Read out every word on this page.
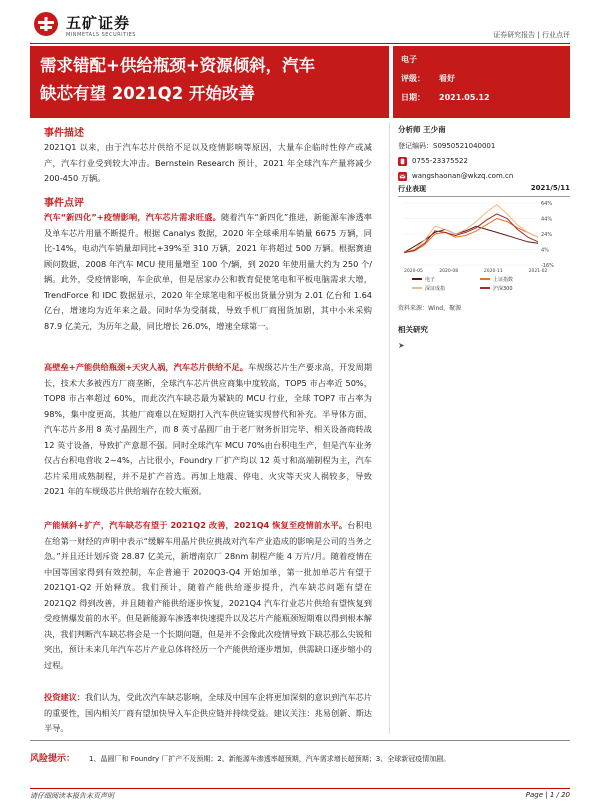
五矿证券
MINMETALS SECURITIES	证券研究报告 | 行业点评
需求错配+供给瓶颈+资源倾斜，汽车
缺芯有望 2021Q2 开始改善
电子
评级： 看好
日期： 2021.05.12
事件描述
2021Q1 以来，由于汽车芯片供给不足以及疫情影响等原因，大量车企临时性停产或减产，汽车行业受到较大冲击。Bernstein Research 预计，2021 年全球汽车产量将减少 200-450 万辆。
事件点评
汽车“新四化”+疫情影响，汽车芯片需求旺盛。随着汽车“新四化”推进，新能源车渗透率及单车芯片用量不断提升。根据 Canalys 数据，2020 年全球乘用车销量 6675 万辆，同比-14%，电动汽车销量却同比+39%至 310 万辆，2021 年将超过 500 万辆。根据赛迪顾问数据，2008 年汽车 MCU 使用量增至 100 个/辆，到 2020 年使用量大约为 250 个/辆。此外，受疫情影响，车企砍单，但是居家办公和教育促使笔电和平板电脑需求大增，TrendForce 和 IDC 数据显示，2020 年全球笔电和平板出货量分别为 2.01 亿台和 1.64 亿台，增速均为近年来之最。同时华为受制裁，导致手机厂商囤货加剧，其中小米采购 87.9 亿美元，为历年之最，同比增长 26.0%，增速全球第一。
高壁垒+产能供给瓶颈+天灾人祸，汽车芯片供给不足。车规级芯片生产要求高，开发周期长，技术大多被西方厂商垄断，全球汽车芯片供应商集中度较高，TOP5 市占率近 50%，TOP8 市占率超过 60%，而此次汽车缺芯最为紧缺的 MCU 行业，全球 TOP7 市占率为 98%，集中度更高，其他厂商难以在短期打入汽车供应链实现替代和补充。半导体方面，汽车芯片多用 8 英寸晶圆生产，而 8 英寸晶圆厂由于老厂财务折旧完毕、相关设备商转战 12 英寸设备，导致扩产意愿不强。同时全球汽车 MCU 70%由台积电生产，但是汽车业务仅占台积电营收 2~4%，占比很小，Foundry 厂扩产均以 12 英寸和高端制程为主，汽车芯片采用成熟制程，并不是扩产首选。再加上地震、停电、火灾等天灾人祸较多，导致 2021 年的车规级芯片供给端存在较大瓶颈。
产能倾斜+扩产，汽车缺芯有望于 2021Q2 改善，2021Q4 恢复至疫情前水平。台积电在给第一财经的声明中表示“缓解车用晶片供应挑战对汽车产业造成的影响是公司的当务之急。”并且还计划斥资 28.87 亿美元，新增南京厂 28nm 制程产能 4 万片/月。随着疫情在中国等国家得到有效控制，车企普遍于 2020Q3-Q4 开始加单，第一批加单芯片有望于 2021Q1-Q2 开始释放。我们预计，随着产能供给逐步提升，汽车缺芯问题有望在 2021Q2 得到改善，并且随着产能供给逐步恢复，2021Q4 汽车行业芯片供给有望恢复到受疫情爆发前的水平。但是新能源车渗透率快速提升以及芯片产能瓶颈短期难以得到根本解决，我们判断汽车缺芯将会是一个长期问题，但是并不会像此次疫情导致下缺芯那么尖锐和突出，预计未来几年汽车芯片产业总体将经历一个产能供给逐步增加，供需缺口逐步缩小的过程。
投资建议：我们认为，受此次汽车缺芯影响，全球及中国车企将更加深刻的意识到汽车芯片的重要性，国内相关厂商有望加快导入车企供应链并持续受益。建议关注：兆易创新、斯达半导。
分析师 王少南
登记编码：S0950521040001
0755-23375522
wangshaonan@wkzq.com.cn
行业表现	2021/5/11
64%
44%
24%
4%
-16%
2020-05	2020-08	2020-11	2021-02
电子	上证指数
深证成指	沪深300
资料来源：Wind，聚源
相关研究
➤
风险提示： 1、晶圆厂和 Foundry 厂扩产不及预期；2、新能源车渗透率超预期，汽车需求增长超预期；3、全球新冠疫情加剧。
请仔细阅读本报告末页声明	Page | 1 / 20
